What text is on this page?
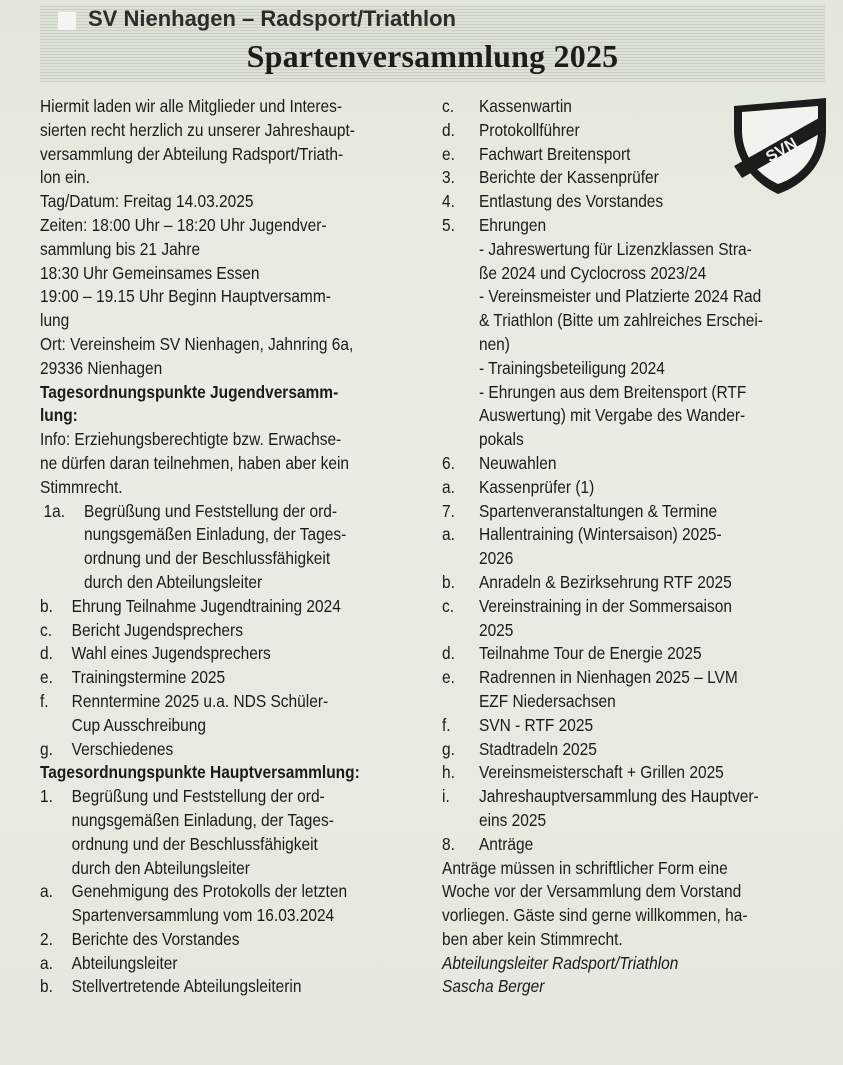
SV Nienhagen – Radsport/Triathlon
Spartenversammlung 2025
SVN
Hiermit laden wir alle Mitglieder und Interes-
sierten recht herzlich zu unserer Jahreshaupt-
versammlung der Abteilung Radsport/Triath-
lon ein.
Tag/Datum: Freitag 14.03.2025
Zeiten: 18:00 Uhr – 18:20 Uhr Jugendver-
sammlung bis 21 Jahre
18:30 Uhr Gemeinsames Essen
19:00 – 19.15 Uhr Beginn Hauptversamm-
lung
Ort: Vereinsheim SV Nienhagen, Jahnring 6a,
29336 Nienhagen
Tagesordnungspunkte Jugendversamm-
lung:
Info: Erziehungsberechtigte bzw. Erwachse-
ne dürfen daran teilnehmen, haben aber kein
Stimmrecht.
1a. Begrüßung und Feststellung der ord-
nungsgemäßen Einladung, der Tages-
ordnung und der Beschlussfähigkeit
durch den Abteilungsleiter
b. Ehrung Teilnahme Jugendtraining 2024
c. Bericht Jugendsprechers
d. Wahl eines Jugendsprechers
e. Trainingstermine 2025
f. Renntermine 2025 u.a. NDS Schüler-
Cup Ausschreibung
g. Verschiedenes
Tagesordnungspunkte Hauptversammlung:
1. Begrüßung und Feststellung der ord-
nungsgemäßen Einladung, der Tages-
ordnung und der Beschlussfähigkeit
durch den Abteilungsleiter
a. Genehmigung des Protokolls der letzten
Spartenversammlung vom 16.03.2024
2. Berichte des Vorstandes
a. Abteilungsleiter
b. Stellvertretende Abteilungsleiterin
c. Kassenwartin
d. Protokollführer
e. Fachwart Breitensport
3. Berichte der Kassenprüfer
4. Entlastung des Vorstandes
5. Ehrungen
- Jahreswertung für Lizenzklassen Stra-
ße 2024 und Cyclocross 2023/24
- Vereinsmeister und Platzierte 2024 Rad
& Triathlon (Bitte um zahlreiches Erschei-
nen)
- Trainingsbeteiligung 2024
- Ehrungen aus dem Breitensport (RTF
Auswertung) mit Vergabe des Wander-
pokals
6. Neuwahlen
a. Kassenprüfer (1)
7. Spartenveranstaltungen & Termine
a. Hallentraining (Wintersaison) 2025-
2026
b. Anradeln & Bezirksehrung RTF 2025
c. Vereinstraining in der Sommersaison
2025
d. Teilnahme Tour de Energie 2025
e. Radrennen in Nienhagen 2025 – LVM
EZF Niedersachsen
f. SVN - RTF 2025
g. Stadtradeln 2025
h. Vereinsmeisterschaft + Grillen 2025
i. Jahreshauptversammlung des Hauptver-
eins 2025
8. Anträge
Anträge müssen in schriftlicher Form eine
Woche vor der Versammlung dem Vorstand
vorliegen. Gäste sind gerne willkommen, ha-
ben aber kein Stimmrecht.
Abteilungsleiter Radsport/Triathlon
Sascha Berger
